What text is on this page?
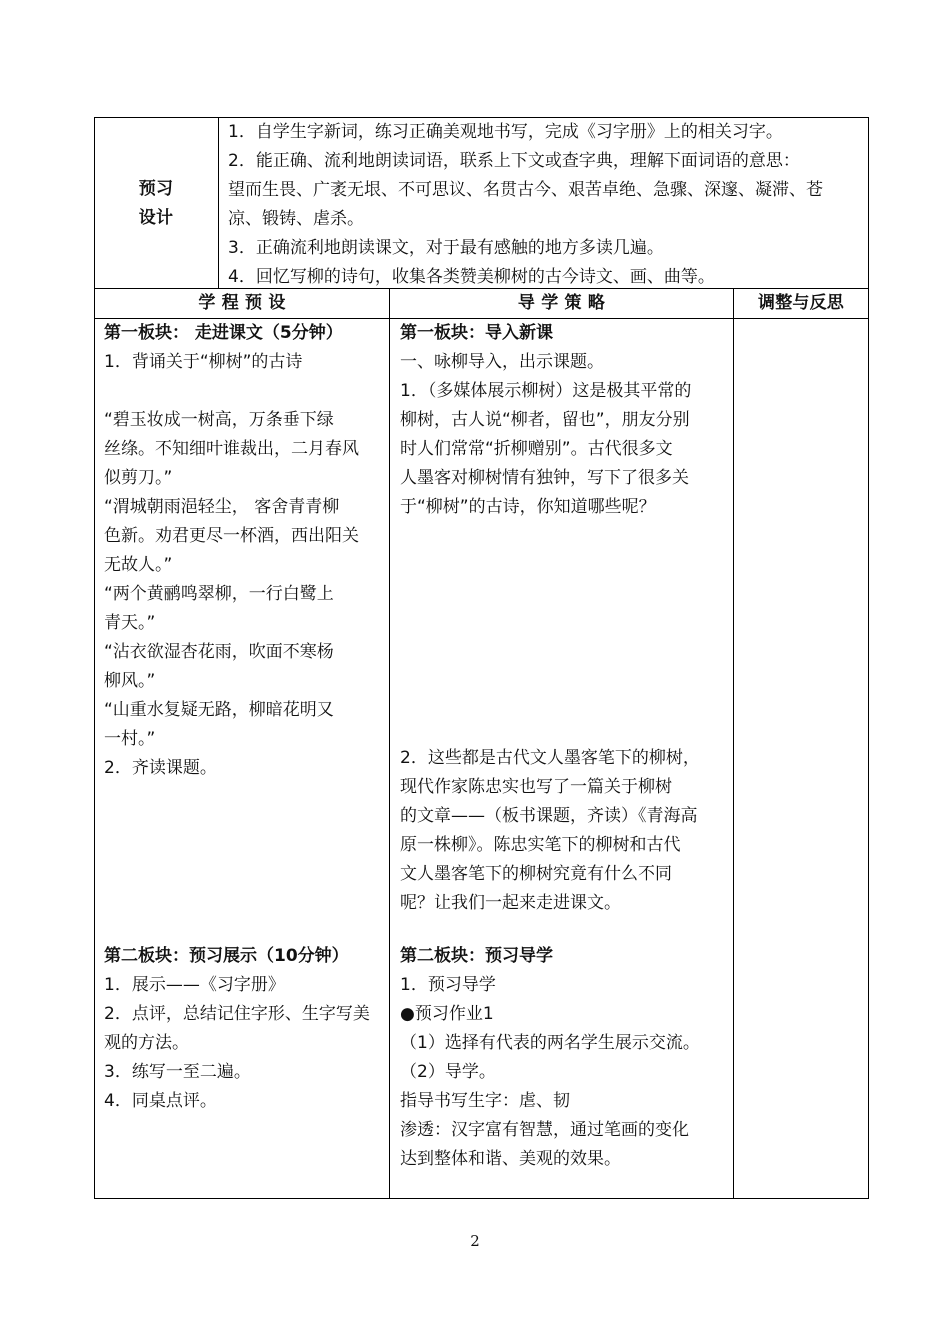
预习
设计
1．自学生字新词，练习正确美观地书写，完成《习字册》上的相关习字。
2．能正确、流利地朗读词语，联系上下文或查字典，理解下面词语的意思：
望而生畏、广袤无垠、不可思议、名贯古今、艰苦卓绝、急骤、深邃、凝滞、苍
凉、锻铸、虐杀。
3．正确流利地朗读课文，对于最有感触的地方多读几遍。
4．回忆写柳的诗句，收集各类赞美柳树的古今诗文、画、曲等。
学 程 预 设	导 学 策 略	调整与反思
第一板块： 走进课文（5分钟）
1．背诵关于“柳树”的古诗
“碧玉妆成一树高，万条垂下绿
丝绦。不知细叶谁裁出，二月春风
似剪刀。”
“渭城朝雨浥轻尘， 客舍青青柳
色新。劝君更尽一杯酒，西出阳关
无故人。”
“两个黄鹂鸣翠柳，一行白鹭上
青天。”
“沾衣欲湿杏花雨，吹面不寒杨
柳风。”
“山重水复疑无路，柳暗花明又
一村。”
2．齐读课题。
第二板块：预习展示（10分钟）
1．展示——《习字册》
2．点评，总结记住字形、生字写美
观的方法。
3．练写一至二遍。
4．同桌点评。
第一板块：导入新课
一、咏柳导入，出示课题。
1．（多媒体展示柳树）这是极其平常的
柳树，古人说“柳者，留也”，朋友分别
时人们常常“折柳赠别”。古代很多文
人墨客对柳树情有独钟，写下了很多关
于“柳树”的古诗，你知道哪些呢？
2．这些都是古代文人墨客笔下的柳树，
现代作家陈忠实也写了一篇关于柳树
的文章——（板书课题，齐读）《青海高
原一株柳》。陈忠实笔下的柳树和古代
文人墨客笔下的柳树究竟有什么不同
呢？让我们一起来走进课文。
第二板块：预习导学
1．预习导学
●预习作业1
（1）选择有代表的两名学生展示交流。
（2）导学。
指导书写生字：虐、韧
渗透：汉字富有智慧，通过笔画的变化
达到整体和谐、美观的效果。
2
